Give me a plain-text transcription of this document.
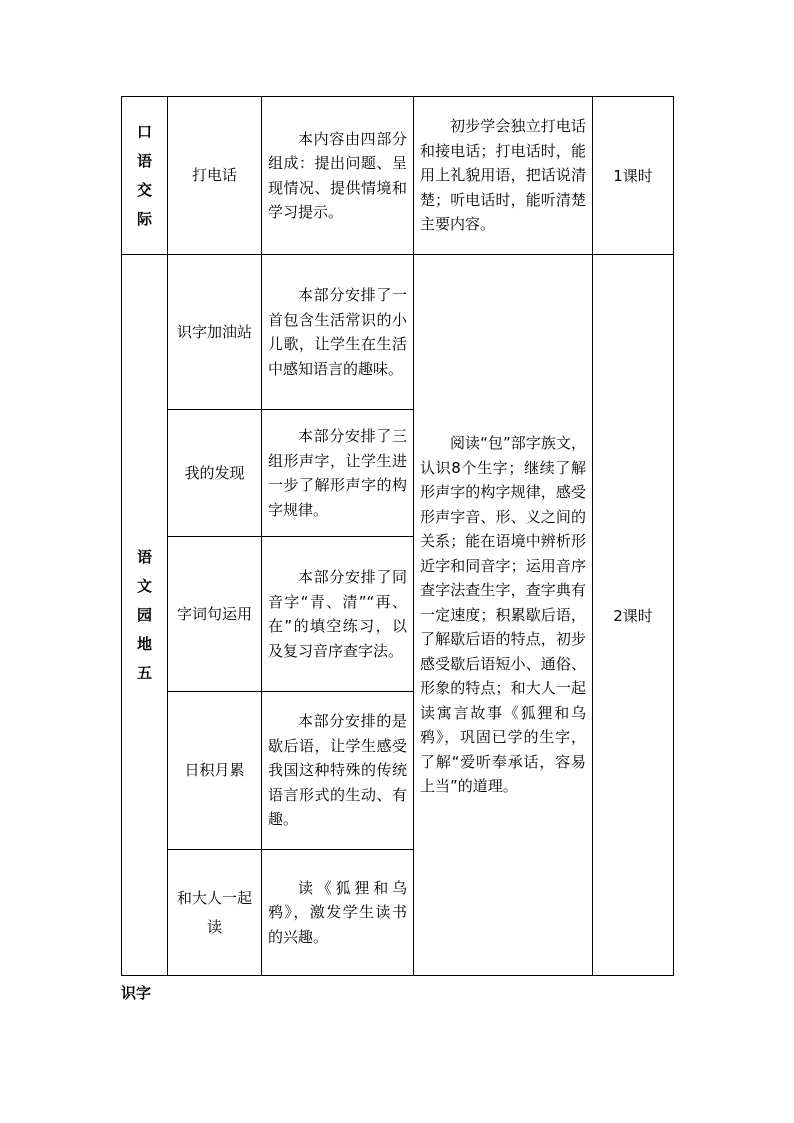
口语交际	打电话	本内容由四部分组成：提出问题、呈现情况、提供情境和学习提示。	初步学会独立打电话和接电话；打电话时，能用上礼貌用语，把话说清楚；听电话时，能听清楚主要内容。	1课时
语文园地五	识字加油站	本部分安排了一首包含生活常识的小儿歌，让学生在生活中感知语言的趣味。	阅读“包”部字族文，认识8个生字；继续了解形声字的构字规律，感受形声字音、形、义之间的关系；能在语境中辨析形近字和同音字；运用音序查字法查生字，查字典有一定速度；积累歇后语，了解歇后语的特点，初步感受歇后语短小、通俗、形象的特点；和大人一起读寓言故事《狐狸和乌鸦》，巩固已学的生字，了解“爱听奉承话，容易上当”的道理。	2课时
	我的发现	本部分安排了三组形声字，让学生进一步了解形声字的构字规律。		

	字词句运用	本部分安排了同音字“青、清”“再、在”的填空练习，以及复习音序查字法。		

	日积月累	本部分安排的是歇后语，让学生感受我国这种特殊的传统语言形式的生动、有趣。		

	和大人一起读	读《狐狸和乌鸦》，激发学生读书的兴趣。		

识字
